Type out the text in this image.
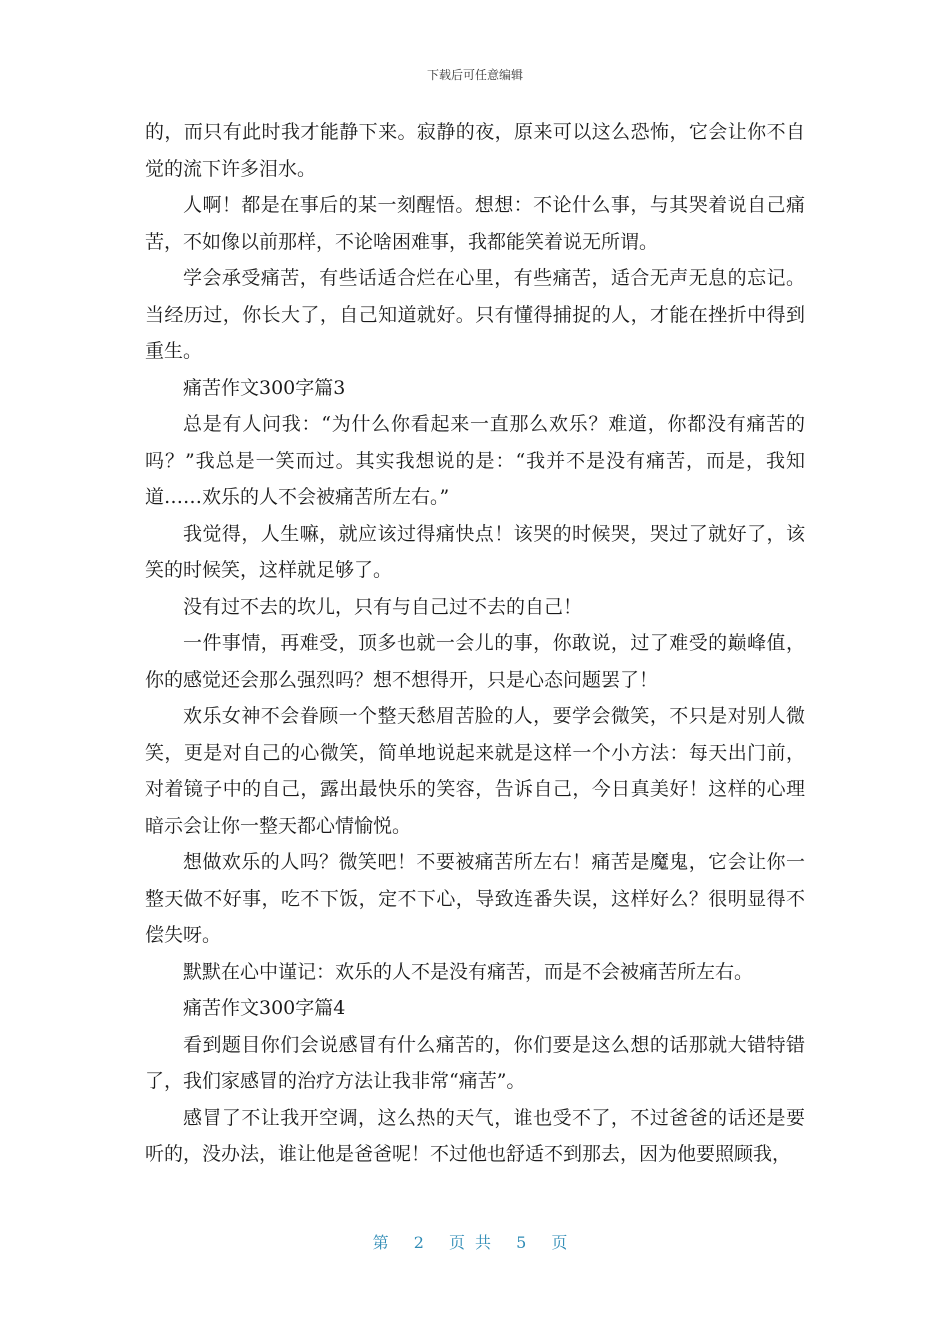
下载后可任意编辑

的，而只有此时我才能静下来。寂静的夜，原来可以这么恐怖，它会让你不自觉的流下许多泪水。

人啊！都是在事后的某一刻醒悟。想想：不论什么事，与其哭着说自己痛苦，不如像以前那样，不论啥困难事，我都能笑着说无所谓。

学会承受痛苦，有些话适合烂在心里，有些痛苦，适合无声无息的忘记。当经历过，你长大了，自己知道就好。只有懂得捕捉的人，才能在挫折中得到重生。

痛苦作文300字篇3

总是有人问我：“为什么你看起来一直那么欢乐？难道，你都没有痛苦的吗？”我总是一笑而过。其实我想说的是：“我并不是没有痛苦，而是，我知道……欢乐的人不会被痛苦所左右。”

我觉得，人生嘛，就应该过得痛快点！该哭的时候哭，哭过了就好了，该笑的时候笑，这样就足够了。

没有过不去的坎儿，只有与自己过不去的自己！

一件事情，再难受，顶多也就一会儿的事，你敢说，过了难受的巅峰值，你的感觉还会那么强烈吗？想不想得开，只是心态问题罢了！

欢乐女神不会眷顾一个整天愁眉苦脸的人，要学会微笑，不只是对别人微笑，更是对自己的心微笑，简单地说起来就是这样一个小方法：每天出门前，对着镜子中的自己，露出最快乐的笑容，告诉自己，今日真美好！这样的心理暗示会让你一整天都心情愉悦。

想做欢乐的人吗？微笑吧！不要被痛苦所左右！痛苦是魔鬼，它会让你一整天做不好事，吃不下饭，定不下心，导致连番失误，这样好么？很明显得不偿失呀。

默默在心中谨记：欢乐的人不是没有痛苦，而是不会被痛苦所左右。

痛苦作文300字篇4

看到题目你们会说感冒有什么痛苦的，你们要是这么想的话那就大错特错了，我们家感冒的治疗方法让我非常“痛苦”。

感冒了不让我开空调，这么热的天气，谁也受不了，不过爸爸的话还是要听的，没办法，谁让他是爸爸呢！不过他也舒适不到那去，因为他要照顾我，

第 2 页共 5 页
